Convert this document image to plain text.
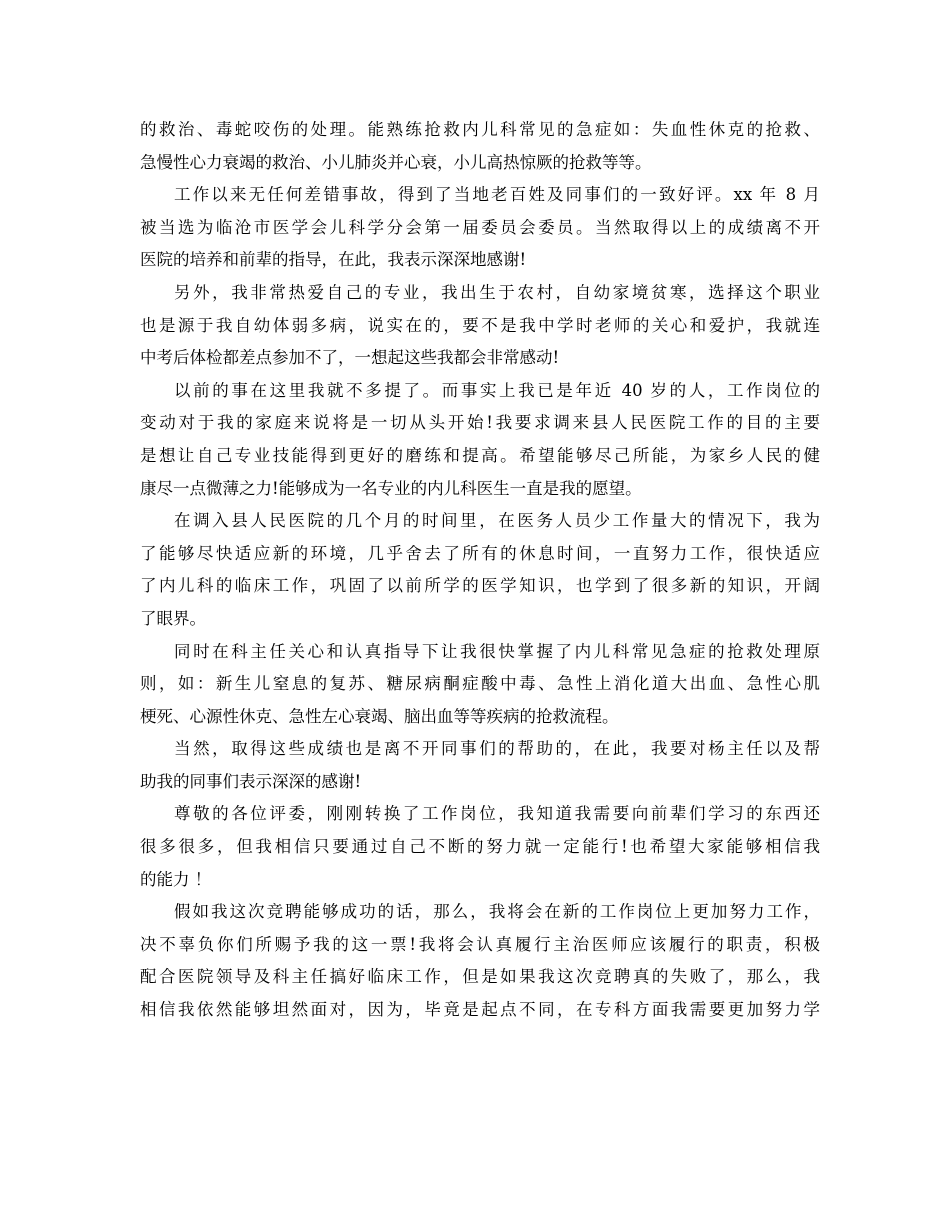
的救治、毒蛇咬伤的处理。能熟练抢救内儿科常见的急症如：失血性休克的抢救、
急慢性心力衰竭的救治、小儿肺炎并心衰，小儿高热惊厥的抢救等等。
工作以来无任何差错事故，得到了当地老百姓及同事们的一致好评。xx 年 8 月
被当选为临沧市医学会儿科学分会第一届委员会委员。当然取得以上的成绩离不开
医院的培养和前辈的指导，在此，我表示深深地感谢!
另外，我非常热爱自己的专业，我出生于农村，自幼家境贫寒，选择这个职业
也是源于我自幼体弱多病，说实在的，要不是我中学时老师的关心和爱护，我就连
中考后体检都差点参加不了，一想起这些我都会非常感动!
以前的事在这里我就不多提了。而事实上我已是年近 40 岁的人，工作岗位的
变动对于我的家庭来说将是一切从头开始!我要求调来县人民医院工作的目的主要
是想让自己专业技能得到更好的磨练和提高。希望能够尽己所能，为家乡人民的健
康尽一点微薄之力!能够成为一名专业的内儿科医生一直是我的愿望。
在调入县人民医院的几个月的时间里，在医务人员少工作量大的情况下，我为
了能够尽快适应新的环境，几乎舍去了所有的休息时间，一直努力工作，很快适应
了内儿科的临床工作，巩固了以前所学的医学知识，也学到了很多新的知识，开阔
了眼界。
同时在科主任关心和认真指导下让我很快掌握了内儿科常见急症的抢救处理原
则，如：新生儿窒息的复苏、糖尿病酮症酸中毒、急性上消化道大出血、急性心肌
梗死、心源性休克、急性左心衰竭、脑出血等等疾病的抢救流程。
当然，取得这些成绩也是离不开同事们的帮助的，在此，我要对杨主任以及帮
助我的同事们表示深深的感谢!
尊敬的各位评委，刚刚转换了工作岗位，我知道我需要向前辈们学习的东西还
很多很多，但我相信只要通过自己不断的努力就一定能行!也希望大家能够相信我
的能力 ！
假如我这次竞聘能够成功的话，那么，我将会在新的工作岗位上更加努力工作，
决不辜负你们所赐予我的这一票!我将会认真履行主治医师应该履行的职责，积极
配合医院领导及科主任搞好临床工作，但是如果我这次竞聘真的失败了，那么，我
相信我依然能够坦然面对，因为，毕竟是起点不同，在专科方面我需要更加努力学
